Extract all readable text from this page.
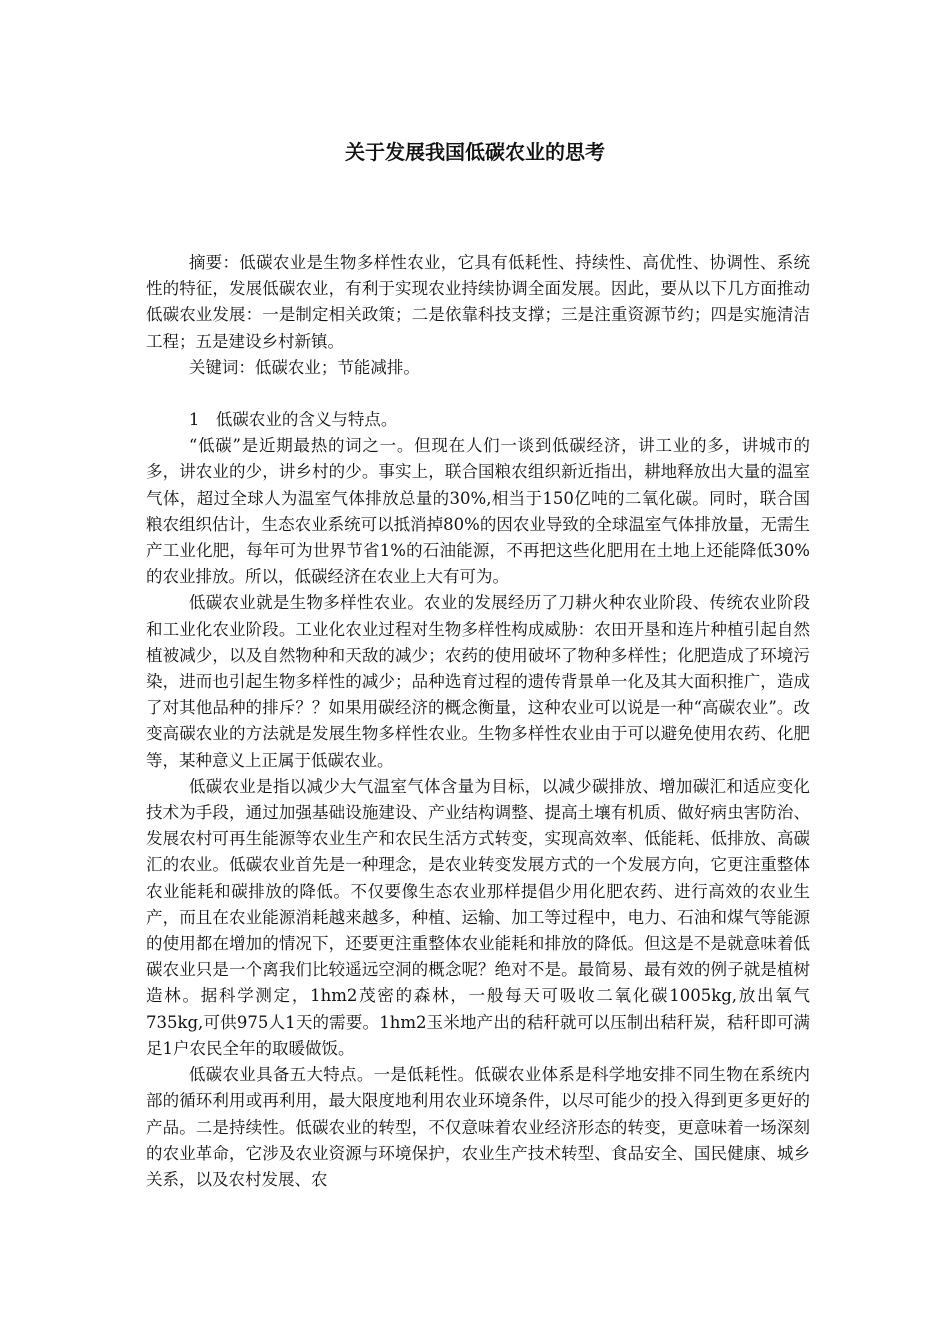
关于发展我国低碳农业的思考

摘要：低碳农业是生物多样性农业，它具有低耗性、持续性、高优性、协调性、系统性的特征，发展低碳农业，有利于实现农业持续协调全面发展。因此，要从以下几方面推动低碳农业发展：一是制定相关政策；二是依靠科技支撑；三是注重资源节约；四是实施清洁工程；五是建设乡村新镇。

关键词：低碳农业；节能减排。

1　低碳农业的含义与特点。

“低碳”是近期最热的词之一。但现在人们一谈到低碳经济，讲工业的多，讲城市的多，讲农业的少，讲乡村的少。事实上，联合国粮农组织新近指出，耕地释放出大量的温室气体，超过全球人为温室气体排放总量的30%,相当于150亿吨的二氧化碳。同时，联合国粮农组织估计，生态农业系统可以抵消掉80%的因农业导致的全球温室气体排放量，无需生产工业化肥，每年可为世界节省1%的石油能源，不再把这些化肥用在土地上还能降低30%的农业排放。所以，低碳经济在农业上大有可为。

低碳农业就是生物多样性农业。农业的发展经历了刀耕火种农业阶段、传统农业阶段和工业化农业阶段。工业化农业过程对生物多样性构成威胁：农田开垦和连片种植引起自然植被减少，以及自然物种和天敌的减少；农药的使用破坏了物种多样性；化肥造成了环境污染，进而也引起生物多样性的减少；品种选育过程的遗传背景单一化及其大面积推广，造成了对其他品种的排斥？？如果用碳经济的概念衡量，这种农业可以说是一种“高碳农业”。改变高碳农业的方法就是发展生物多样性农业。生物多样性农业由于可以避免使用农药、化肥等，某种意义上正属于低碳农业。

低碳农业是指以减少大气温室气体含量为目标，以减少碳排放、增加碳汇和适应变化技术为手段，通过加强基础设施建设、产业结构调整、提高土壤有机质、做好病虫害防治、发展农村可再生能源等农业生产和农民生活方式转变，实现高效率、低能耗、低排放、高碳汇的农业。低碳农业首先是一种理念，是农业转变发展方式的一个发展方向，它更注重整体农业能耗和碳排放的降低。不仅要像生态农业那样提倡少用化肥农药、进行高效的农业生产，而且在农业能源消耗越来越多，种植、运输、加工等过程中，电力、石油和煤气等能源的使用都在增加的情况下，还要更注重整体农业能耗和排放的降低。但这是不是就意味着低碳农业只是一个离我们比较遥远空洞的概念呢？绝对不是。最简易、最有效的例子就是植树造林。据科学测定，1hm2茂密的森林，一般每天可吸收二氧化碳1005kg,放出氧气735kg,可供975人1天的需要。1hm2玉米地产出的秸秆就可以压制出秸秆炭，秸秆即可满足1户农民全年的取暖做饭。

低碳农业具备五大特点。一是低耗性。低碳农业体系是科学地安排不同生物在系统内部的循环利用或再利用，最大限度地利用农业环境条件，以尽可能少的投入得到更多更好的产品。二是持续性。低碳农业的转型，不仅意味着农业经济形态的转变，更意味着一场深刻的农业革命，它涉及农业资源与环境保护，农业生产技术转型、食品安全、国民健康、城乡关系，以及农村发展、农
